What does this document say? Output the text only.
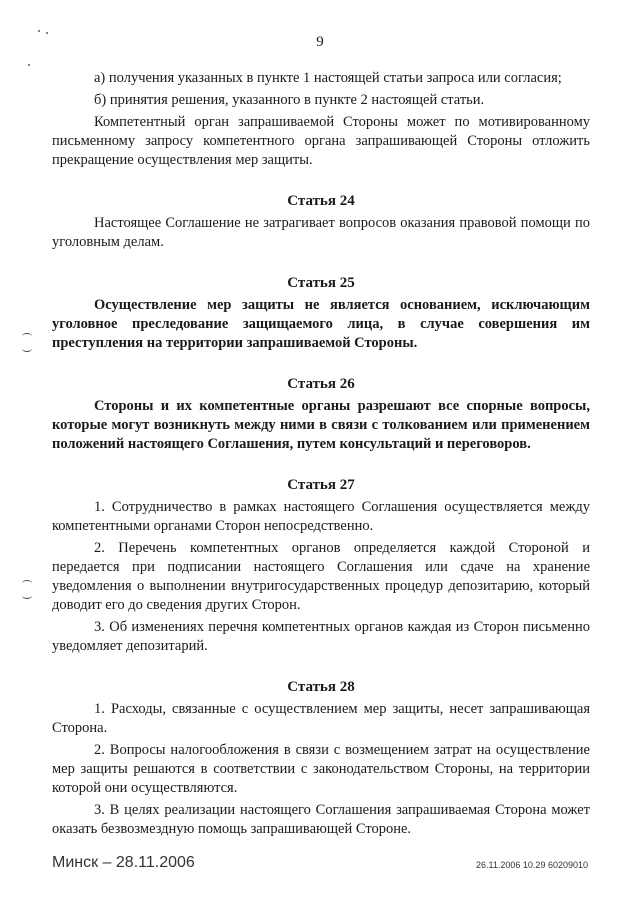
9

а) получения указанных в пункте 1 настоящей статьи запроса или согласия;

б) принятия решения, указанного в пункте 2 настоящей статьи.

Компетентный орган запрашиваемой Стороны может по мотивированному письменному запросу компетентного органа запрашивающей Стороны отложить прекращение осуществления мер защиты.

Статья 24

Настоящее Соглашение не затрагивает вопросов оказания правовой помощи по уголовным делам.

Статья 25

Осуществление мер защиты не является основанием, исключающим уголовное преследование защищаемого лица, в случае совершения им преступления на территории запрашиваемой Стороны.

Статья 26

Стороны и их компетентные органы разрешают все спорные вопросы, которые могут возникнуть между ними в связи с толкованием или применением положений настоящего Соглашения, путем консультаций и переговоров.

Статья 27

1. Сотрудничество в рамках настоящего Соглашения осуществляется между компетентными органами Сторон непосредственно.

2. Перечень компетентных органов определяется каждой Стороной и передается при подписании настоящего Соглашения или сдаче на хранение уведомления о выполнении внутригосударственных процедур депозитарию, который доводит его до сведения других Сторон.

3. Об изменениях перечня компетентных органов каждая из Сторон письменно уведомляет депозитарий.

Статья 28

1. Расходы, связанные с осуществлением мер защиты, несет запрашивающая Сторона.

2. Вопросы налогообложения в связи с возмещением затрат на осуществление мер защиты решаются в соответствии с законодательством Стороны, на территории которой они осуществляются.

3. В целях реализации настоящего Соглашения запрашиваемая Сторона может оказать безвозмездную помощь запрашивающей Стороне.

Минск – 28.11.2006	26.11.2006 10.29 60209010
